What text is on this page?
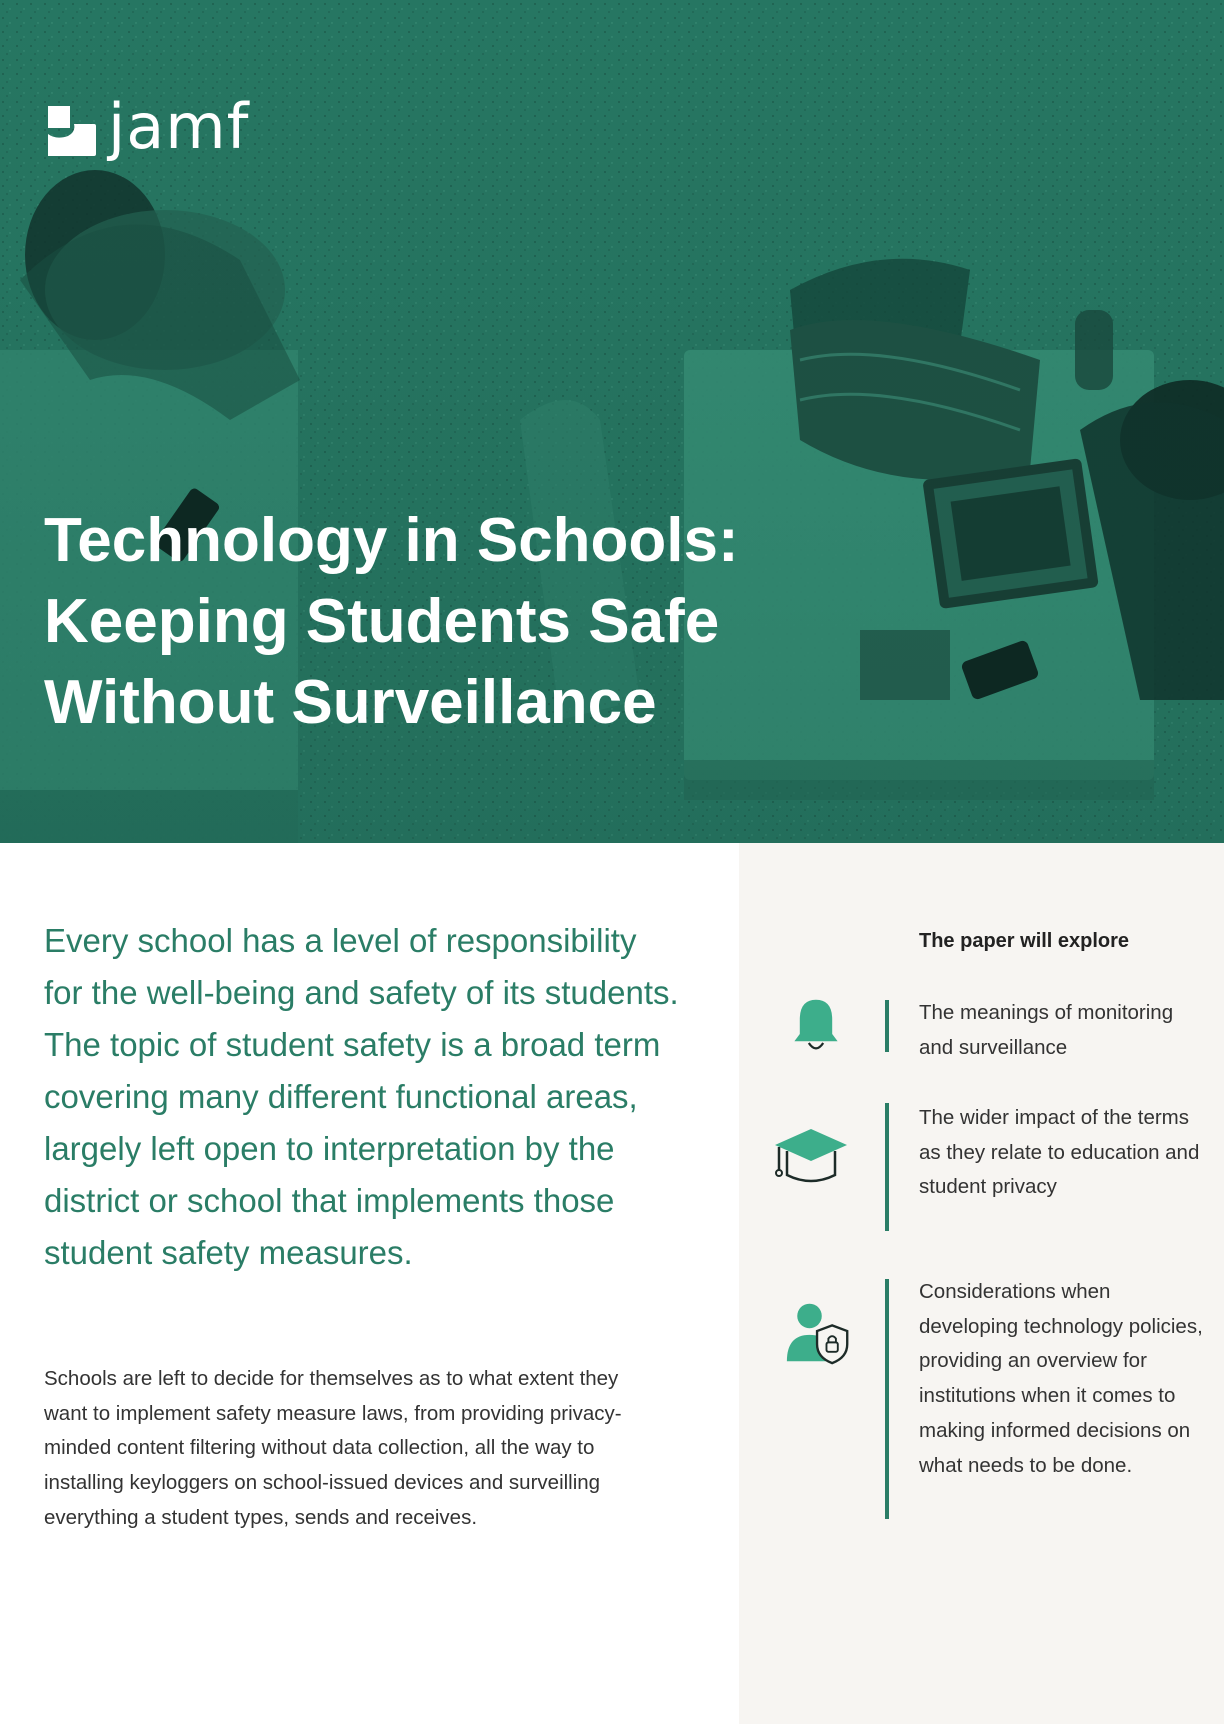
jamf
Technology in Schools:
Keeping Students Safe
Without Surveillance

Every school has a level of responsibility for the well-being and safety of its students. The topic of student safety is a broad term covering many different functional areas, largely left open to interpretation by the district or school that implements those student safety measures.

Schools are left to decide for themselves as to what extent they want to implement safety measure laws, from providing privacy-minded content filtering without data collection, all the way to installing keyloggers on school-issued devices and surveilling everything a student types, sends and receives.

The paper will explore
The meanings of monitoring and surveillance
The wider impact of the terms as they relate to education and student privacy
Considerations when developing technology policies, providing an overview for institutions when it comes to making informed decisions on what needs to be done.
